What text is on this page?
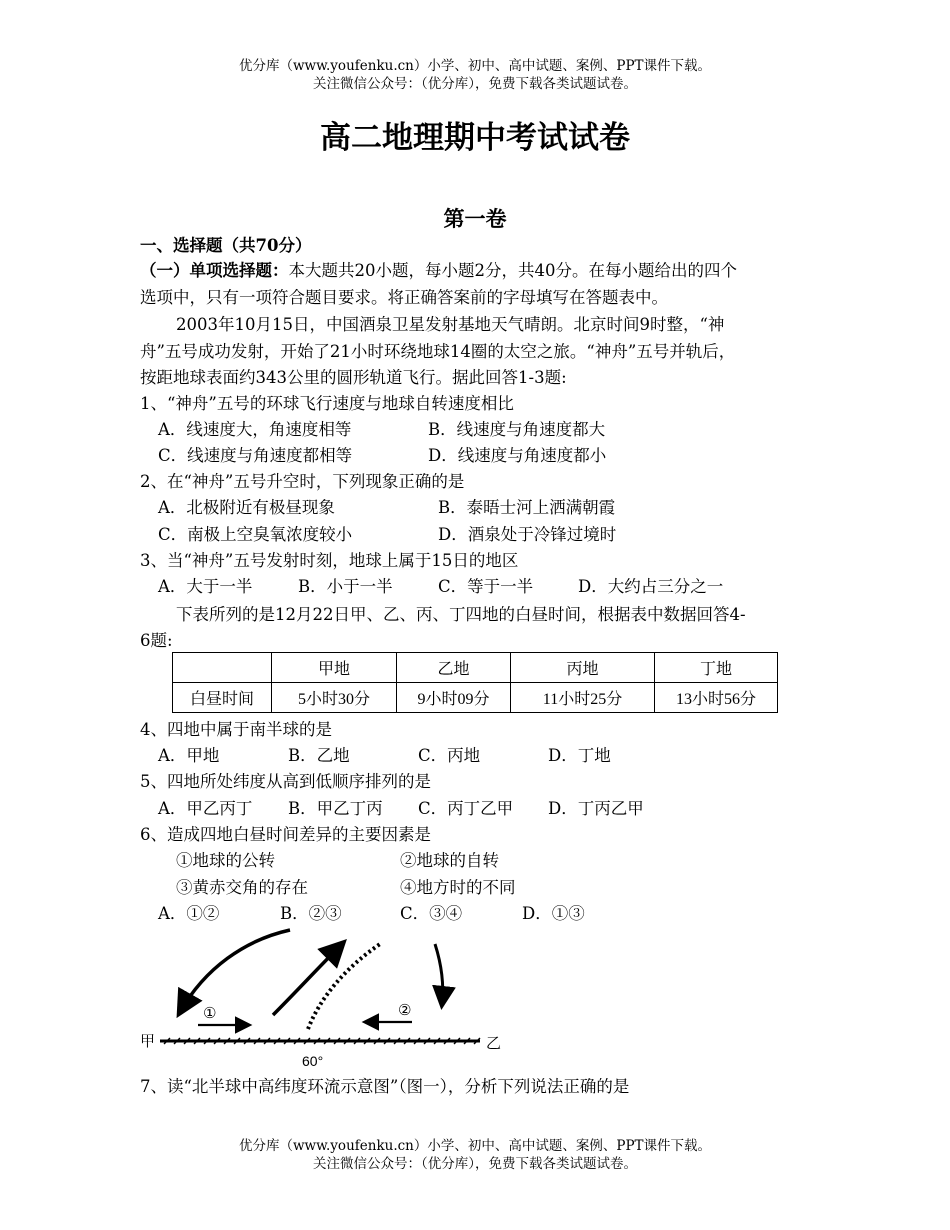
优分库（www.youfenku.cn）小学、初中、高中试题、案例、PPT课件下载。
关注微信公众号：（优分库），免费下载各类试题试卷。
高二地理期中考试试卷
第一卷
一、选择题（共70分）
（一）单项选择题：本大题共20小题，每小题2分，共40分。在每小题给出的四个
选项中，只有一项符合题目要求。将正确答案前的字母填写在答题表中。
2003年10月15日，中国酒泉卫星发射基地天气晴朗。北京时间9时整，“神
舟”五号成功发射，开始了21小时环绕地球14圈的太空之旅。“神舟”五号并轨后，
按距地球表面约343公里的圆形轨道飞行。据此回答1-3题:
1、“神舟”五号的环球飞行速度与地球自转速度相比
A．线速度大，角速度相等	B．线速度与角速度都大
C．线速度与角速度都相等	D．线速度与角速度都小
2、在“神舟”五号升空时，下列现象正确的是
A．北极附近有极昼现象	B．泰晤士河上洒满朝霞
C．南极上空臭氧浓度较小	D．酒泉处于冷锋过境时
3、当“神舟”五号发射时刻，地球上属于15日的地区
A．大于一半	B．小于一半	C．等于一半	D．大约占三分之一
下表所列的是12月22日甲、乙、丙、丁四地的白昼时间，根据表中数据回答4-
6题:
	甲地	乙地	丙地	丁地
白昼时间	5小时30分	9小时09分	11小时25分	13小时56分
4、四地中属于南半球的是
A．甲地	B．乙地	C．丙地	D．丁地
5、四地所处纬度从高到低顺序排列的是
A．甲乙丙丁 B．甲乙丁丙 C．丙丁乙甲 D．丁丙乙甲
6、造成四地白昼时间差异的主要因素是
①地球的公转	②地球的自转
③黄赤交角的存在	④地方时的不同
A．①②	B．②③	C．③④	D．①③
甲	乙
60°
①	②
7、读“北半球中高纬度环流示意图”（图一），分析下列说法正确的是
优分库（www.youfenku.cn）小学、初中、高中试题、案例、PPT课件下载。
关注微信公众号：（优分库），免费下载各类试题试卷。
